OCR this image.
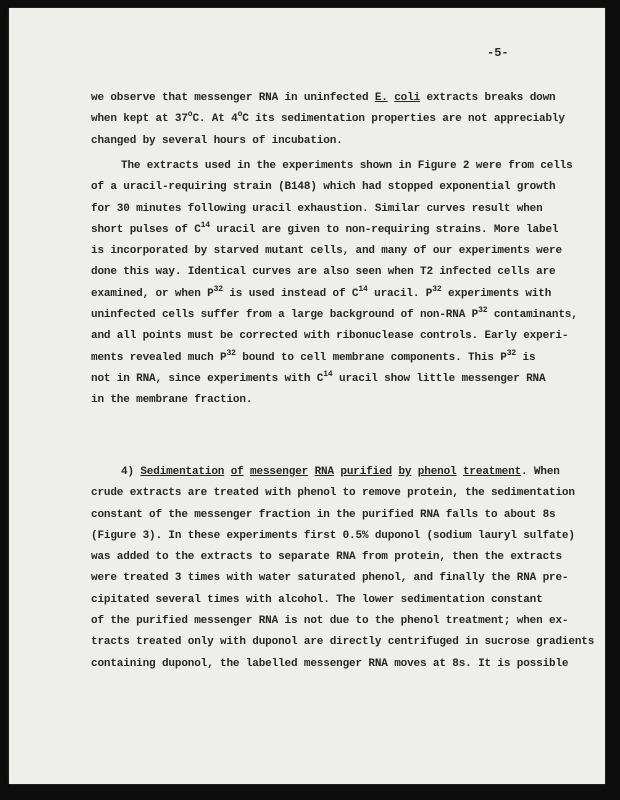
-5-
we observe that messenger RNA in uninfected E. coli extracts breaks down
when kept at 37$^o$C. At 4$^o$C its sedimentation properties are not appreciably
changed by several hours of incubation.
The extracts used in the experiments shown in Figure 2 were from cells
of a uracil-requiring strain (B148) which had stopped exponential growth
for 30 minutes following uracil exhaustion. Similar curves result when
short pulses of $C^{14}$ uracil are given to non-requiring strains. More label
is incorporated by starved mutant cells, and many of our experiments were
done this way. Identical curves are also seen when T2 infected cells are
examined, or when $P^{32}$ is used instead of $C^{14}$ uracil. $P^{32}$ experiments with
uninfected cells suffer from a large background of non-RNA $P^{32}$ contaminants,
and all points must be corrected with ribonuclease controls. Early experi-
ments revealed much $P^{32}$ bound to cell membrane components. This $P^{32}$ is
not in RNA, since experiments with $C^{14}$ uracil show little messenger RNA
in the membrane fraction.
4) Sedimentation of messenger RNA purified by phenol treatment. When
crude extracts are treated with phenol to remove protein, the sedimentation
constant of the messenger fraction in the purified RNA falls to about 8s
(Figure 3). In these experiments first 0.5% duponol (sodium lauryl sulfate)
was added to the extracts to separate RNA from protein, then the extracts
were treated 3 times with water saturated phenol, and finally the RNA pre-
cipitated several times with alcohol. The lower sedimentation constant
of the purified messenger RNA is not due to the phenol treatment; when ex-
tracts treated only with duponol are directly centrifuged in sucrose gradients
containing duponol, the labelled messenger RNA moves at 8s. It is possible
